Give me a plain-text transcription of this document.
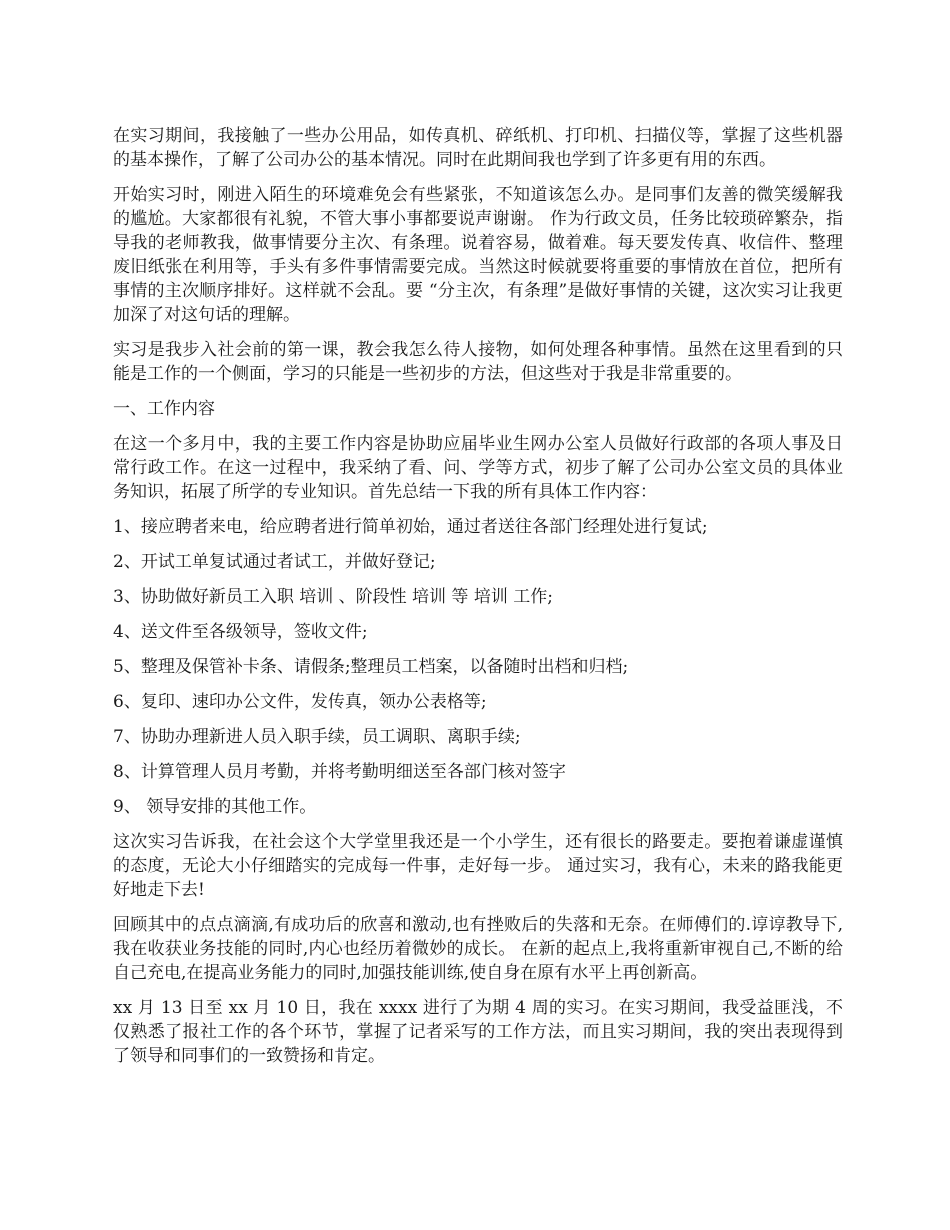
在实习期间，我接触了一些办公用品，如传真机、碎纸机、打印机、扫描仪等，掌握了这些机器的基本操作，了解了公司办公的基本情况。同时在此期间我也学到了许多更有用的东西。

开始实习时，刚进入陌生的环境难免会有些紧张，不知道该怎么办。是同事们友善的微笑缓解我的尴尬。大家都很有礼貌，不管大事小事都要说声谢谢。 作为行政文员，任务比较琐碎繁杂，指导我的老师教我，做事情要分主次、有条理。说着容易，做着难。每天要发传真、收信件、整理废旧纸张在利用等，手头有多件事情需要完成。当然这时候就要将重要的事情放在首位，把所有事情的主次顺序排好。这样就不会乱。要 “分主次，有条理”是做好事情的关键，这次实习让我更加深了对这句话的理解。

实习是我步入社会前的第一课，教会我怎么待人接物，如何处理各种事情。虽然在这里看到的只能是工作的一个侧面，学习的只能是一些初步的方法，但这些对于我是非常重要的。

一、工作内容

在这一个多月中，我的主要工作内容是协助应届毕业生网办公室人员做好行政部的各项人事及日常行政工作。在这一过程中，我采纳了看、问、学等方式，初步了解了公司办公室文员的具体业务知识，拓展了所学的专业知识。首先总结一下我的所有具体工作内容：

1、接应聘者来电，给应聘者进行简单初始，通过者送往各部门经理处进行复试;

2、开试工单复试通过者试工，并做好登记;

3、协助做好新员工入职 培训 、阶段性 培训 等 培训 工作;

4、送文件至各级领导，签收文件;

5、整理及保管补卡条、请假条;整理员工档案，以备随时出档和归档;

6、复印、速印办公文件，发传真，领办公表格等;

7、协助办理新进人员入职手续，员工调职、离职手续;

8、计算管理人员月考勤，并将考勤明细送至各部门核对签字

9、 领导安排的其他工作。

这次实习告诉我，在社会这个大学堂里我还是一个小学生，还有很长的路要走。要抱着谦虚谨慎的态度，无论大小仔细踏实的完成每一件事，走好每一步。 通过实习，我有心，未来的路我能更好地走下去!

回顾其中的点点滴滴,有成功后的欣喜和激动,也有挫败后的失落和无奈。在师傅们的.谆谆教导下,我在收获业务技能的同时,内心也经历着微妙的成长。 在新的起点上,我将重新审视自己,不断的给自己充电,在提高业务能力的同时,加强技能训练,使自身在原有水平上再创新高。

xx 月 13 日至 xx 月 10 日，我在 xxxx 进行了为期 4 周的实习。在实习期间，我受益匪浅，不仅熟悉了报社工作的各个环节，掌握了记者采写的工作方法，而且实习期间，我的突出表现得到了领导和同事们的一致赞扬和肯定。
